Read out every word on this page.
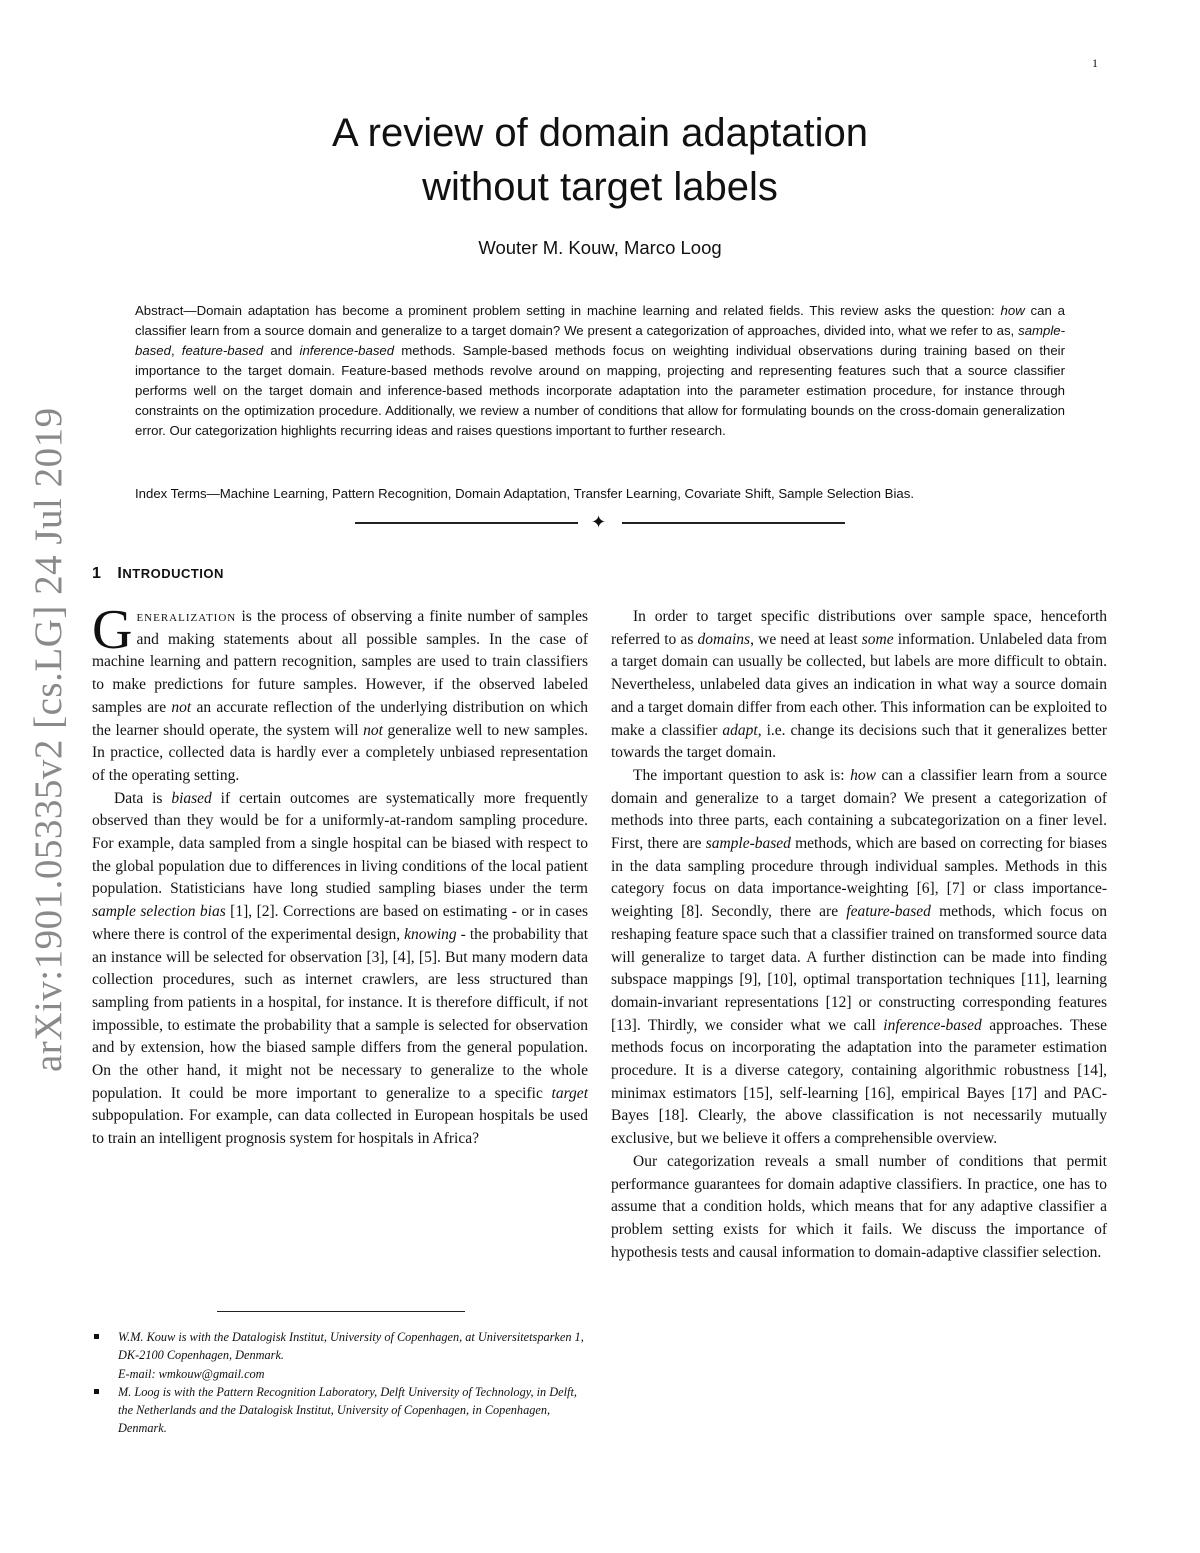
1
arXiv:1901.05335v2 [cs.LG] 24 Jul 2019
A review of domain adaptation
without target labels
Wouter M. Kouw, Marco Loog

Abstract—Domain adaptation has become a prominent problem setting in machine learning and related fields. This review asks the question: how can a classifier learn from a source domain and generalize to a target domain? We present a categorization of approaches, divided into, what we refer to as, sample-based, feature-based and inference-based methods. Sample-based methods focus on weighting individual observations during training based on their importance to the target domain. Feature-based methods revolve around on mapping, projecting and representing features such that a source classifier performs well on the target domain and inference-based methods incorporate adaptation into the parameter estimation procedure, for instance through constraints on the optimization procedure. Additionally, we review a number of conditions that allow for formulating bounds on the cross-domain generalization error. Our categorization highlights recurring ideas and raises questions important to further research.

Index Terms—Machine Learning, Pattern Recognition, Domain Adaptation, Transfer Learning, Covariate Shift, Sample Selection Bias.

✦
1 INTRODUCTION

Generalization is the process of observing a finite number of samples and making statements about all possible samples. In the case of machine learning and pattern recognition, samples are used to train classifiers to make predictions for future samples. However, if the observed labeled samples are not an accurate reflection of the underlying distribution on which the learner should operate, the system will not generalize well to new samples. In practice, collected data is hardly ever a completely unbiased representation of the operating setting.

Data is biased if certain outcomes are systematically more frequently observed than they would be for a uniformly-at-random sampling procedure. For example, data sampled from a single hospital can be biased with respect to the global population due to differences in living conditions of the local patient population. Statisticians have long studied sampling biases under the term sample selection bias [1], [2]. Corrections are based on estimating - or in cases where there is control of the experimental design, knowing - the probability that an instance will be selected for observation [3], [4], [5]. But many modern data collection procedures, such as internet crawlers, are less structured than sampling from patients in a hospital, for instance. It is therefore difficult, if not impossible, to estimate the probability that a sample is selected for observation and by extension, how the biased sample differs from the general population. On the other hand, it might not be necessary to generalize to the whole population. It could be more important to generalize to a specific target subpopulation. For example, can data collected in European hospitals be used to train an intelligent prognosis system for hospitals in Africa?

W.M. Kouw is with the Datalogisk Institut, University of Copenhagen, at Universitetsparken 1, DK-2100 Copenhagen, Denmark.
E-mail: wmkouw@gmail.com
M. Loog is with the Pattern Recognition Laboratory, Delft University of Technology, in Delft, the Netherlands and the Datalogisk Institut, University of Copenhagen, in Copenhagen, Denmark.

In order to target specific distributions over sample space, henceforth referred to as domains, we need at least some information. Unlabeled data from a target domain can usually be collected, but labels are more difficult to obtain. Nevertheless, unlabeled data gives an indication in what way a source domain and a target domain differ from each other. This information can be exploited to make a classifier adapt, i.e. change its decisions such that it generalizes better towards the target domain.

The important question to ask is: how can a classifier learn from a source domain and generalize to a target domain? We present a categorization of methods into three parts, each containing a subcategorization on a finer level. First, there are sample-based methods, which are based on correcting for biases in the data sampling procedure through individual samples. Methods in this category focus on data importance-weighting [6], [7] or class importance-weighting [8]. Secondly, there are feature-based methods, which focus on reshaping feature space such that a classifier trained on transformed source data will generalize to target data. A further distinction can be made into finding subspace mappings [9], [10], optimal transportation techniques [11], learning domain-invariant representations [12] or constructing corresponding features [13]. Thirdly, we consider what we call inference-based approaches. These methods focus on incorporating the adaptation into the parameter estimation procedure. It is a diverse category, containing algorithmic robustness [14], minimax estimators [15], self-learning [16], empirical Bayes [17] and PAC-Bayes [18]. Clearly, the above classification is not necessarily mutually exclusive, but we believe it offers a comprehensible overview.

Our categorization reveals a small number of conditions that permit performance guarantees for domain adaptive classifiers. In practice, one has to assume that a condition holds, which means that for any adaptive classifier a problem setting exists for which it fails. We discuss the importance of hypothesis tests and causal information to domain-adaptive classifier selection.
